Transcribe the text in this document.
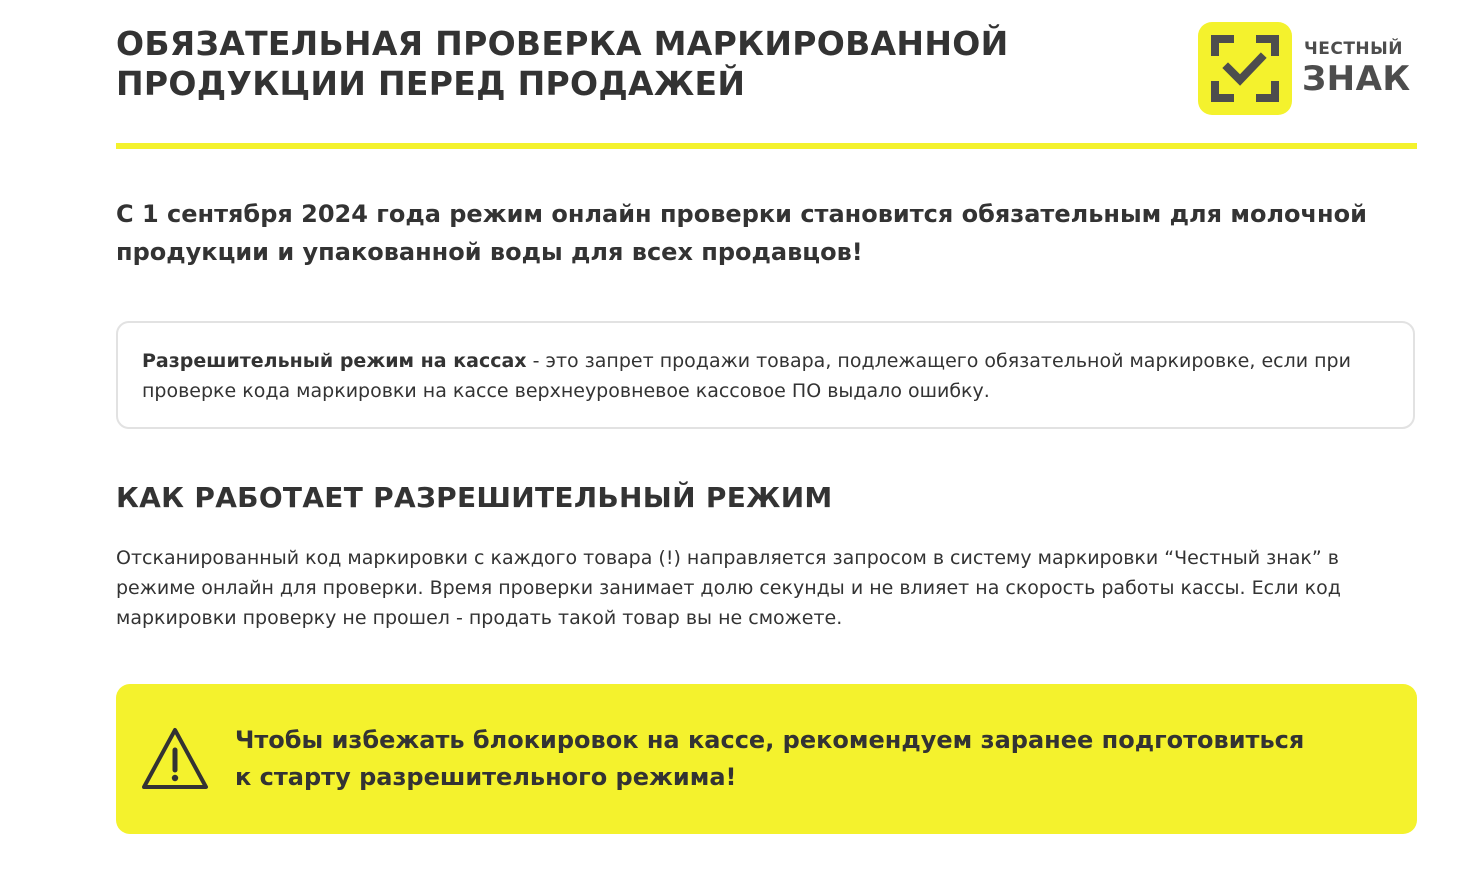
ОБЯЗАТЕЛЬНАЯ ПРОВЕРКА МАРКИРОВАННОЙ
ПРОДУКЦИИ ПЕРЕД ПРОДАЖЕЙ
ЧЕСТНЫЙ
ЗНАК

С 1 сентября 2024 года режим онлайн проверки становится обязательным для молочной продукции и упакованной воды для всех продавцов!

Разрешительный режим на кассах - это запрет продажи товара, подлежащего обязательной маркировке, если при проверке кода маркировки на кассе верхнеуровневое кассовое ПО выдало ошибку.
КАК РАБОТАЕТ РАЗРЕШИТЕЛЬНЫЙ РЕЖИМ

Отсканированный код маркировки с каждого товара (!) направляется запросом в систему маркировки “Честный знак” в режиме онлайн для проверки. Время проверки занимает долю секунды и не влияет на скорость работы кассы. Если код маркировки проверку не прошел - продать такой товар вы не сможете.

Чтобы избежать блокировок на кассе, рекомендуем заранее подготовиться
к старту разрешительного режима!
